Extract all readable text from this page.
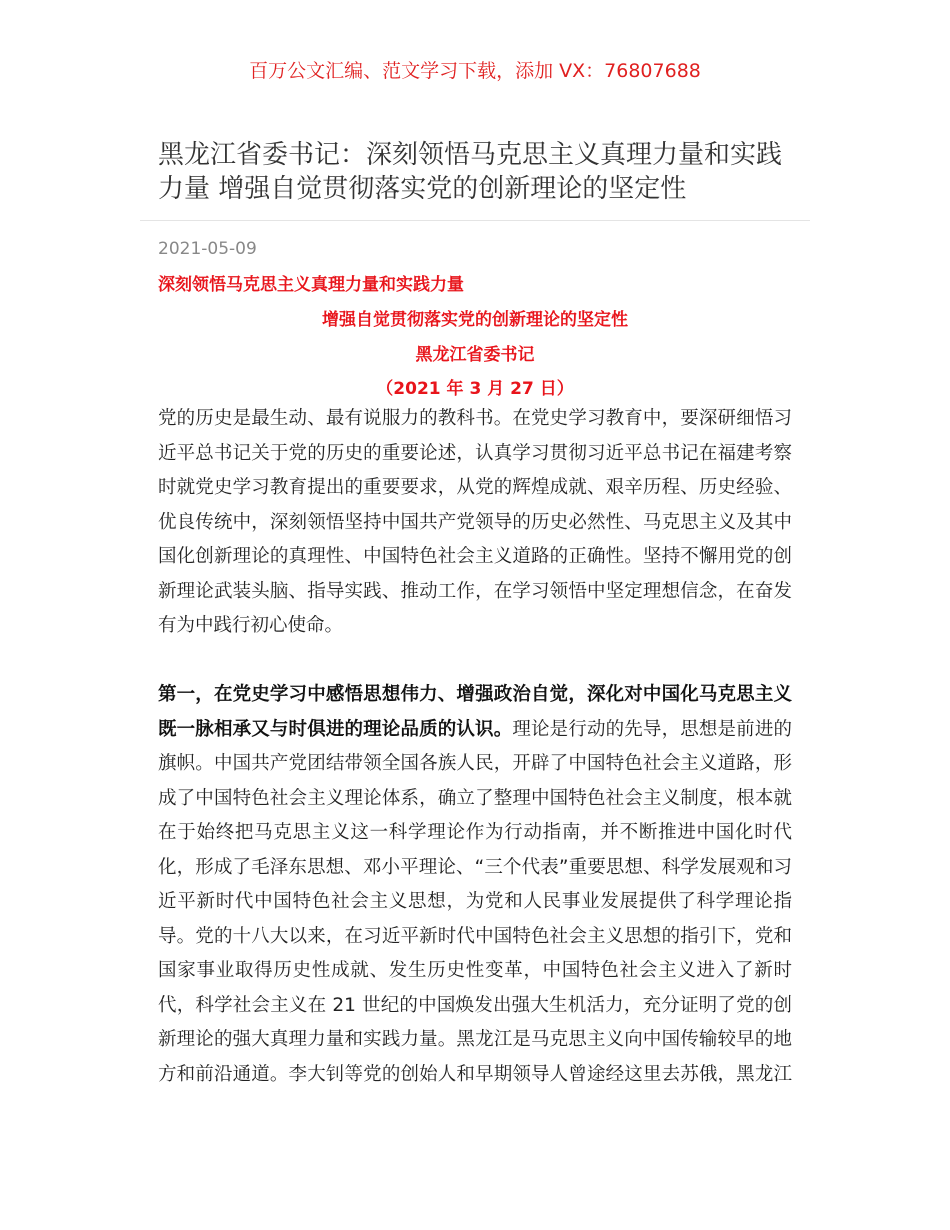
百万公文汇编、范文学习下载，添加 VX：76807688
黑龙江省委书记：深刻领悟马克思主义真理力量和实践
力量 增强自觉贯彻落实党的创新理论的坚定性
2021-05-09
深刻领悟马克思主义真理力量和实践力量
增强自觉贯彻落实党的创新理论的坚定性
黑龙江省委书记
（2021 年 3 月 27 日）
党的历史是最生动、最有说服力的教科书。在党史学习教育中，要深研细悟习
近平总书记关于党的历史的重要论述，认真学习贯彻习近平总书记在福建考察
时就党史学习教育提出的重要要求，从党的辉煌成就、艰辛历程、历史经验、
优良传统中，深刻领悟坚持中国共产党领导的历史必然性、马克思主义及其中
国化创新理论的真理性、中国特色社会主义道路的正确性。坚持不懈用党的创
新理论武装头脑、指导实践、推动工作，在学习领悟中坚定理想信念，在奋发
有为中践行初心使命。
第一，在党史学习中感悟思想伟力、增强政治自觉，深化对中国化马克思主义
既一脉相承又与时俱进的理论品质的认识。理论是行动的先导，思想是前进的
旗帜。中国共产党团结带领全国各族人民，开辟了中国特色社会主义道路，形
成了中国特色社会主义理论体系，确立了整理中国特色社会主义制度，根本就
在于始终把马克思主义这一科学理论作为行动指南，并不断推进中国化时代
化，形成了毛泽东思想、邓小平理论、“三个代表”重要思想、科学发展观和习
近平新时代中国特色社会主义思想，为党和人民事业发展提供了科学理论指
导。党的十八大以来，在习近平新时代中国特色社会主义思想的指引下，党和
国家事业取得历史性成就、发生历史性变革，中国特色社会主义进入了新时
代，科学社会主义在 21 世纪的中国焕发出强大生机活力，充分证明了党的创
新理论的强大真理力量和实践力量。黑龙江是马克思主义向中国传输较早的地
方和前沿通道。李大钊等党的创始人和早期领导人曾途经这里去苏俄，黑龙江
